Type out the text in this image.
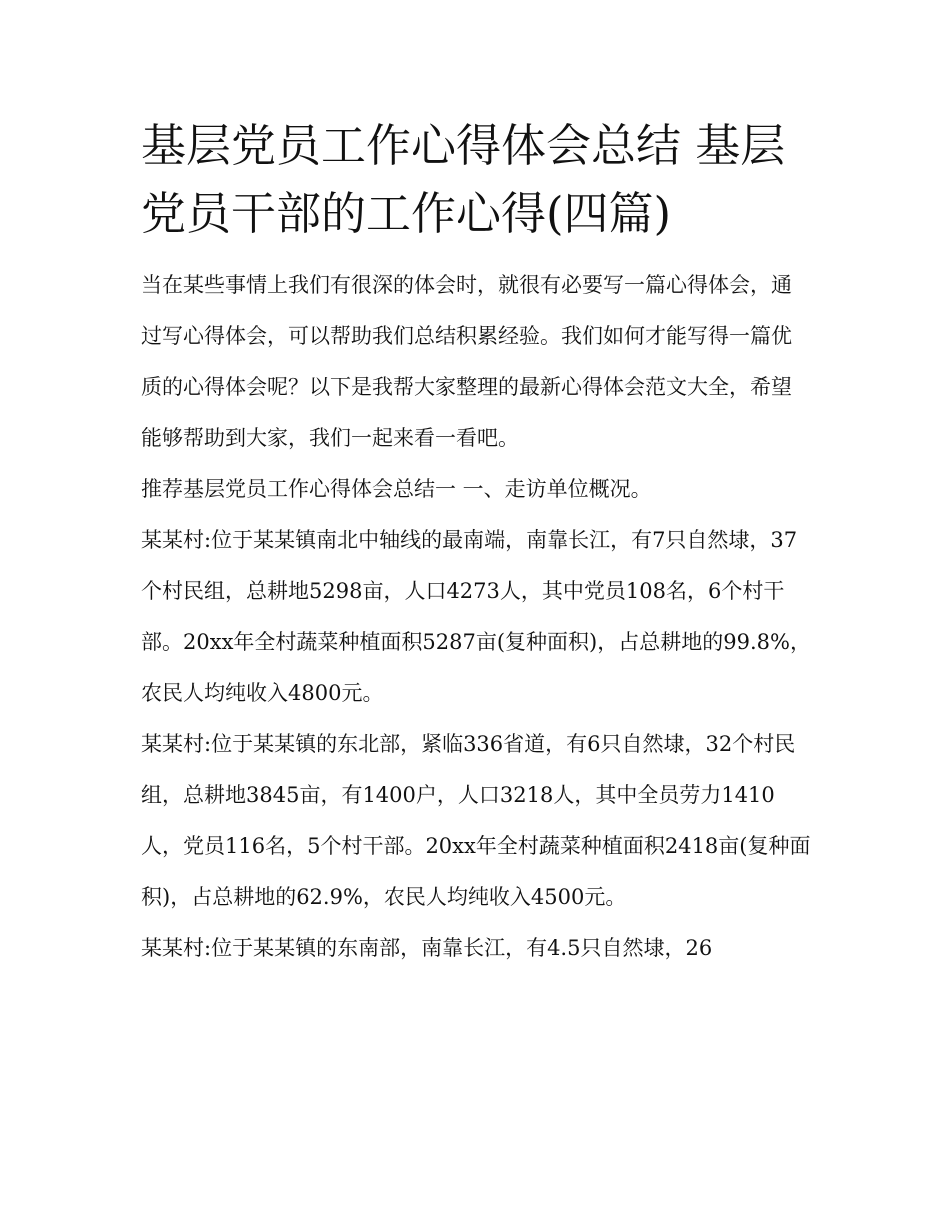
基层党员工作心得体会总结 基层党员干部的工作心得(四篇)

当在某些事情上我们有很深的体会时，就很有必要写一篇心得体会，通过写心得体会，可以帮助我们总结积累经验。我们如何才能写得一篇优质的心得体会呢？以下是我帮大家整理的最新心得体会范文大全，希望能够帮助到大家，我们一起来看一看吧。

推荐基层党员工作心得体会总结一 一、走访单位概况。

某某村:位于某某镇南北中轴线的最南端，南靠长江，有7只自然埭，37个村民组，总耕地5298亩，人口4273人，其中党员108名，6个村干部。20xx年全村蔬菜种植面积5287亩(复种面积)，占总耕地的99.8%，农民人均纯收入4800元。

某某村:位于某某镇的东北部，紧临336省道，有6只自然埭，32个村民组，总耕地3845亩，有1400户，人口3218人，其中全员劳力1410人，党员116名，5个村干部。20xx年全村蔬菜种植面积2418亩(复种面积)，占总耕地的62.9%，农民人均纯收入4500元。

某某村:位于某某镇的东南部，南靠长江，有4.5只自然埭，26
